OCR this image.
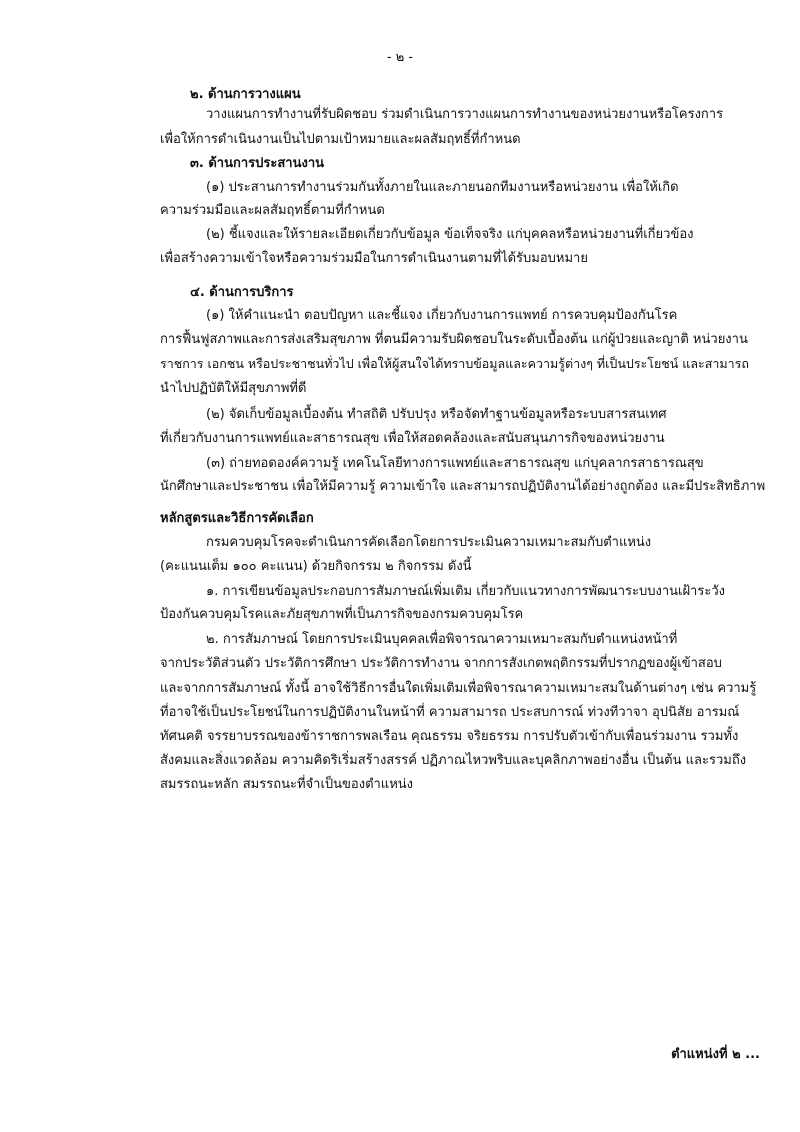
- ๒ -
๒. ด้านการวางแผน
วางแผนการทำงานที่รับผิดชอบ ร่วมดำเนินการวางแผนการทำงานของหน่วยงานหรือโครงการ
เพื่อให้การดำเนินงานเป็นไปตามเป้าหมายและผลสัมฤทธิ์ที่กำหนด
๓. ด้านการประสานงาน
(๑) ประสานการทำงานร่วมกันทั้งภายในและภายนอกทีมงานหรือหน่วยงาน เพื่อให้เกิด
ความร่วมมือและผลสัมฤทธิ์ตามที่กำหนด
(๒) ชี้แจงและให้รายละเอียดเกี่ยวกับข้อมูล ข้อเท็จจริง แก่บุคคลหรือหน่วยงานที่เกี่ยวข้อง
เพื่อสร้างความเข้าใจหรือความร่วมมือในการดำเนินงานตามที่ได้รับมอบหมาย
๔. ด้านการบริการ
(๑) ให้คำแนะนำ ตอบปัญหา และชี้แจง เกี่ยวกับงานการแพทย์ การควบคุมป้องกันโรค
การฟื้นฟูสภาพและการส่งเสริมสุขภาพ ที่ตนมีความรับผิดชอบในระดับเบื้องต้น แก่ผู้ป่วยและญาติ หน่วยงาน
ราชการ เอกชน หรือประชาชนทั่วไป เพื่อให้ผู้สนใจได้ทราบข้อมูลและความรู้ต่างๆ ที่เป็นประโยชน์ และสามารถ
นำไปปฏิบัติให้มีสุขภาพที่ดี
(๒) จัดเก็บข้อมูลเบื้องต้น ทำสถิติ ปรับปรุง หรือจัดทำฐานข้อมูลหรือระบบสารสนเทศ
ที่เกี่ยวกับงานการแพทย์และสาธารณสุข เพื่อให้สอดคล้องและสนับสนุนภารกิจของหน่วยงาน
(๓) ถ่ายทอดองค์ความรู้ เทคโนโลยีทางการแพทย์และสาธารณสุข แก่บุคลากรสาธารณสุข
นักศึกษาและประชาชน เพื่อให้มีความรู้ ความเข้าใจ และสามารถปฏิบัติงานได้อย่างถูกต้อง และมีประสิทธิภาพ
หลักสูตรและวิธีการคัดเลือก
กรมควบคุมโรคจะดำเนินการคัดเลือกโดยการประเมินความเหมาะสมกับตำแหน่ง
(คะแนนเต็ม ๑๐๐ คะแนน) ด้วยกิจกรรม ๒ กิจกรรม ดังนี้
๑. การเขียนข้อมูลประกอบการสัมภาษณ์เพิ่มเติม เกี่ยวกับแนวทางการพัฒนาระบบงานเฝ้าระวัง
ป้องกันควบคุมโรคและภัยสุขภาพที่เป็นภารกิจของกรมควบคุมโรค
๒. การสัมภาษณ์ โดยการประเมินบุคคลเพื่อพิจารณาความเหมาะสมกับตำแหน่งหน้าที่
จากประวัติส่วนตัว ประวัติการศึกษา ประวัติการทำงาน จากการสังเกตพฤติกรรมที่ปรากฏของผู้เข้าสอบ
และจากการสัมภาษณ์ ทั้งนี้ อาจใช้วิธีการอื่นใดเพิ่มเติมเพื่อพิจารณาความเหมาะสมในด้านต่างๆ เช่น ความรู้
ที่อาจใช้เป็นประโยชน์ในการปฏิบัติงานในหน้าที่ ความสามารถ ประสบการณ์ ท่วงทีวาจา อุปนิสัย อารมณ์
ทัศนคติ จรรยาบรรณของข้าราชการพลเรือน คุณธรรม จริยธรรม การปรับตัวเข้ากับเพื่อนร่วมงาน รวมทั้ง
สังคมและสิ่งแวดล้อม ความคิดริเริ่มสร้างสรรค์ ปฏิภาณไหวพริบและบุคลิกภาพอย่างอื่น เป็นต้น และรวมถึง
สมรรถนะหลัก สมรรถนะที่จำเป็นของตำแหน่ง
ตำแหน่งที่ ๒ ...
